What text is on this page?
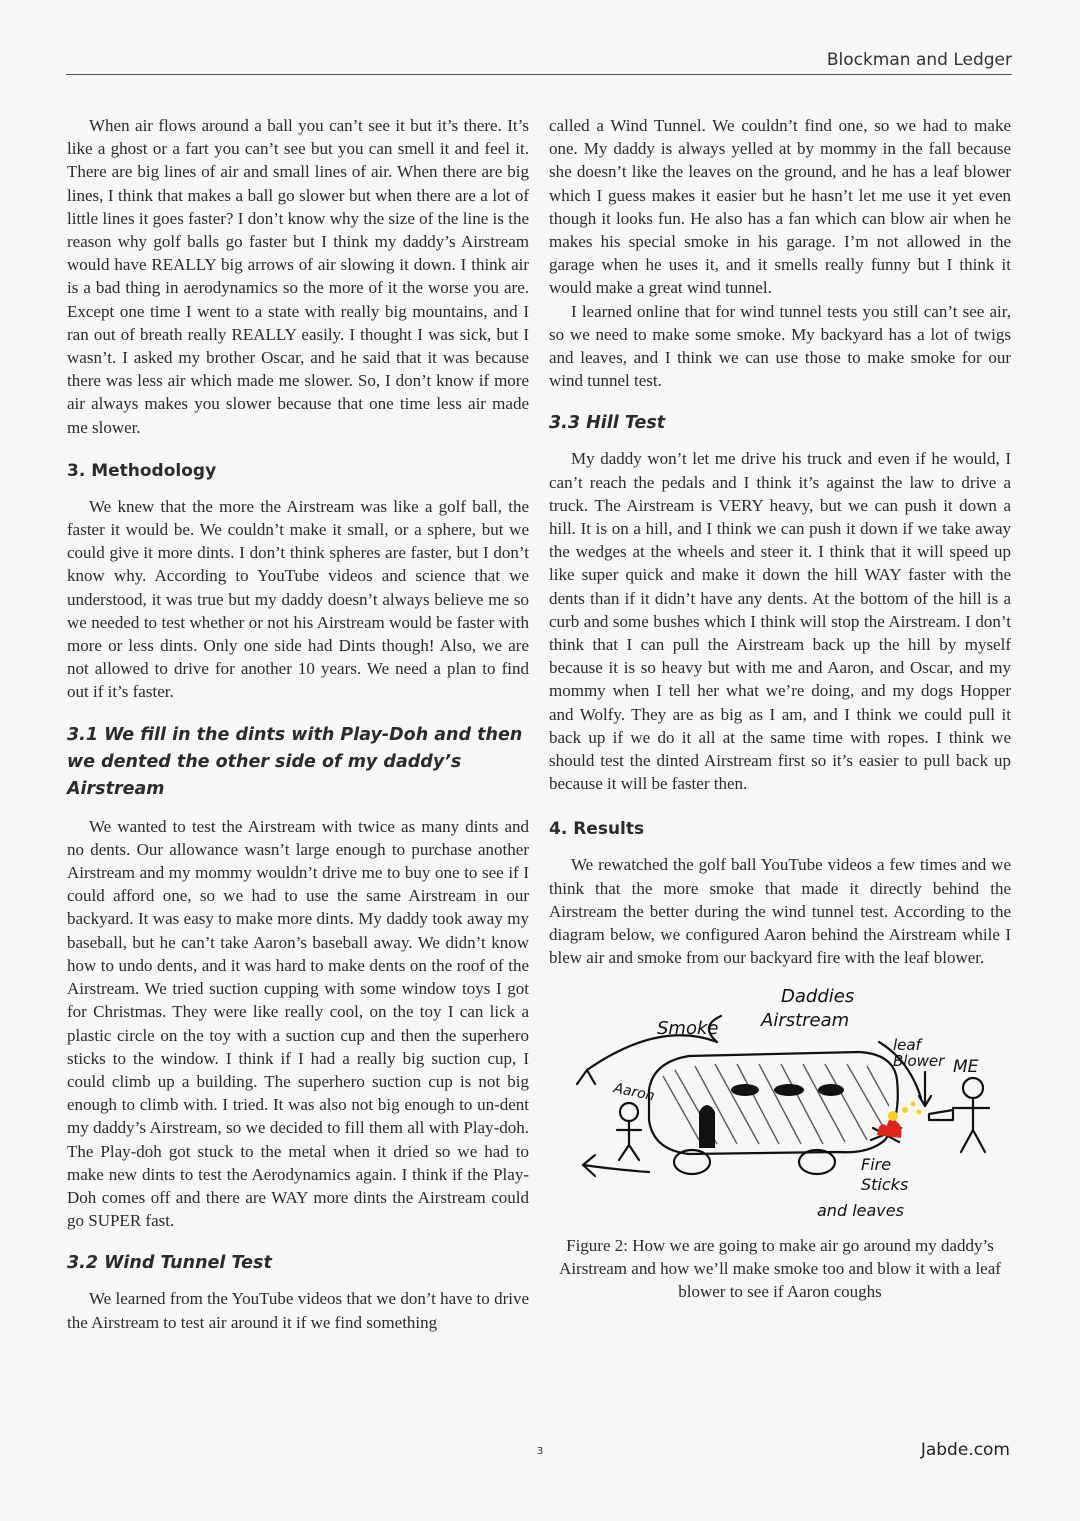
Blockman and Ledger

When air flows around a ball you can’t see it but it’s there. It’s like a ghost or a fart you can’t see but you can smell it and feel it. There are big lines of air and small lines of air. When there are big lines, I think that makes a ball go slower but when there are a lot of little lines it goes faster? I don’t know why the size of the line is the reason why golf balls go faster but I think my daddy’s Airstream would have REALLY big arrows of air slowing it down. I think air is a bad thing in aerodynamics so the more of it the worse you are. Except one time I went to a state with really big mountains, and I ran out of breath really REALLY easily. I thought I was sick, but I wasn’t. I asked my brother Oscar, and he said that it was because there was less air which made me slower. So, I don’t know if more air always makes you slower because that one time less air made me slower.

3. Methodology

We knew that the more the Airstream was like a golf ball, the faster it would be. We couldn’t make it small, or a sphere, but we could give it more dints. I don’t think spheres are faster, but I don’t know why. According to YouTube videos and science that we understood, it was true but my daddy doesn’t always believe me so we needed to test whether or not his Airstream would be faster with more or less dints. Only one side had Dints though! Also, we are not allowed to drive for another 10 years. We need a plan to find out if it’s faster.

3.1 We fill in the dints with Play-Doh and then we dented the other side of my daddy’s Airstream

We wanted to test the Airstream with twice as many dints and no dents. Our allowance wasn’t large enough to purchase another Airstream and my mommy wouldn’t drive me to buy one to see if I could afford one, so we had to use the same Airstream in our backyard. It was easy to make more dints. My daddy took away my baseball, but he can’t take Aaron’s baseball away. We didn’t know how to undo dents, and it was hard to make dents on the roof of the Airstream. We tried suction cupping with some window toys I got for Christmas. They were like really cool, on the toy I can lick a plastic circle on the toy with a suction cup and then the superhero sticks to the window. I think if I had a really big suction cup, I could climb up a building. The superhero suction cup is not big enough to climb with. I tried. It was also not big enough to un-dent my daddy’s Airstream, so we decided to fill them all with Play-doh. The Play-doh got stuck to the metal when it dried so we had to make new dints to test the Aerodynamics again. I think if the Play-Doh comes off and there are WAY more dints the Airstream could go SUPER fast.

3.2 Wind Tunnel Test

We learned from the YouTube videos that we don’t have to drive the Airstream to test air around it if we find something

called a Wind Tunnel. We couldn’t find one, so we had to make one. My daddy is always yelled at by mommy in the fall because she doesn’t like the leaves on the ground, and he has a leaf blower which I guess makes it easier but he hasn’t let me use it yet even though it looks fun. He also has a fan which can blow air when he makes his special smoke in his garage. I’m not allowed in the garage when he uses it, and it smells really funny but I think it would make a great wind tunnel.

I learned online that for wind tunnel tests you still can’t see air, so we need to make some smoke. My backyard has a lot of twigs and leaves, and I think we can use those to make smoke for our wind tunnel test.

3.3 Hill Test

My daddy won’t let me drive his truck and even if he would, I can’t reach the pedals and I think it’s against the law to drive a truck. The Airstream is VERY heavy, but we can push it down a hill. It is on a hill, and I think we can push it down if we take away the wedges at the wheels and steer it. I think that it will speed up like super quick and make it down the hill WAY faster with the dents than if it didn’t have any dents. At the bottom of the hill is a curb and some bushes which I think will stop the Airstream. I don’t think that I can pull the Airstream back up the hill by myself because it is so heavy but with me and Aaron, and Oscar, and my mommy when I tell her what we’re doing, and my dogs Hopper and Wolfy. They are as big as I am, and I think we could pull it back up if we do it all at the same time with ropes. I think we should test the dinted Airstream first so it’s easier to pull back up because it will be faster then.

4. Results

We rewatched the golf ball YouTube videos a few times and we think that the more smoke that made it directly behind the Airstream the better during the wind tunnel test. According to the diagram below, we configured Aaron behind the Airstream while I blew air and smoke from our backyard fire with the leaf blower.

Smoke
Daddies
Airstream
leaf
Blower ME
Aaron
Fire
Sticks
and leaves
Figure 2: How we are going to make air go around my daddy’s Airstream and how we’ll make smoke too and blow it with a leaf blower to see if Aaron coughs
3	Jabde.com
